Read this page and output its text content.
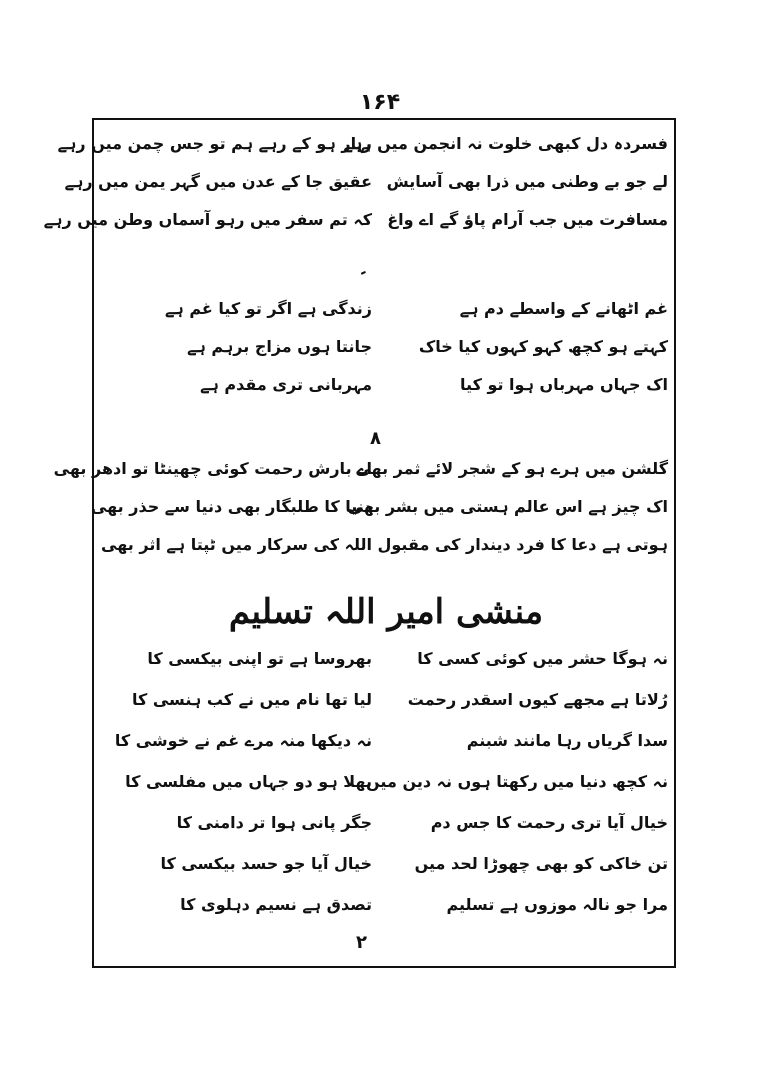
۱۶۴
فسردہ دل کبھی خلوت نہ انجمن میں رہے
بہار ہو کے رہے ہم تو جس چمن میں رہے
لے جو بے وطنی میں ذرا بھی آسایش
عقیق جا کے عدن میں گہر یمن میں رہے
مسافرت میں جب آرام پاؤ گے اے واغ
کہ تم سفر میں رہو آسماں وطن میں رہے
۔
غم اٹھانے کے واسطے دم ہے
زندگی ہے اگر تو کیا غم ہے
کہتے ہو کچھ کہو کہوں کیا خاک
جانتا ہوں مزاج برہم ہے
اک جہاں مہرباں ہوا تو کیا
مہربانی تری مقدم ہے
۸
گلشن میں ہرے ہو کے شجر لائے ثمر بھی
اے بارش رحمت کوئی چھینٹا تو ادھر بھی
اک چیز ہے اس عالم ہستی میں بشر بھی
دنیا کا طلبگار بھی دنیا سے حذر بھی
ہوتی ہے دعا کا فرد دیندار کی مقبول
اللہ کی سرکار میں ٹپتا ہے اثر بھی
منشی امیر اللہ تسلیم
نہ ہوگا حشر میں کوئی کسی کا
بھروسا ہے تو اپنی بیکسی کا
رُلاتا ہے مجھے کیوں اسقدر رحمت
لیا تھا نام میں نے کب ہنسی کا
سدا گریاں رہا مانند شبنم
نہ دیکھا منہ مرے غم نے خوشی کا
نہ کچھ دنیا میں رکھتا ہوں نہ دین میں
بھلا ہو دو جہاں میں مفلسی کا
خیال آیا تری رحمت کا جس دم
جگر پانی ہوا تر دامنی کا
تن خاکی کو بھی چھوڑا لحد میں
خیال آیا جو حسد بیکسی کا
مرا جو نالہ موزوں ہے تسلیم
تصدق ہے نسیم دہلوی کا
۲
